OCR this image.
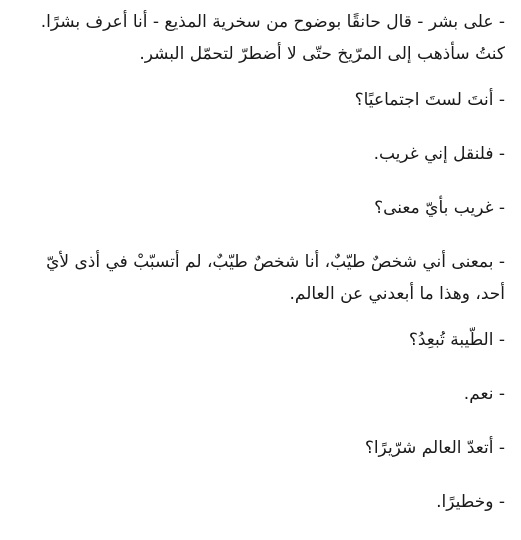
- على بشر - قال حانقًا بوضوح من سخرية المذيع - أنا أعرف بشرًا.
كنتُ سأذهب إلى المرّيخ حتّى لا أضطرّ لتحمّل البشر.

- أنتَ لستَ اجتماعيًا؟

- فلنقل إني غريب.

- غريب بأيّ معنى؟

- بمعنى أني شخصٌ طيّبٌ، أنا شخصٌ طيّبٌ، لم أتسبّبْ في أذى لأيّ
أحد، وهذا ما أبعدني عن العالم.

- الطّيبة تُبعِدُ؟

- نعم.

- أتعدّ العالم شرّيرًا؟

- وخطيرًا.
